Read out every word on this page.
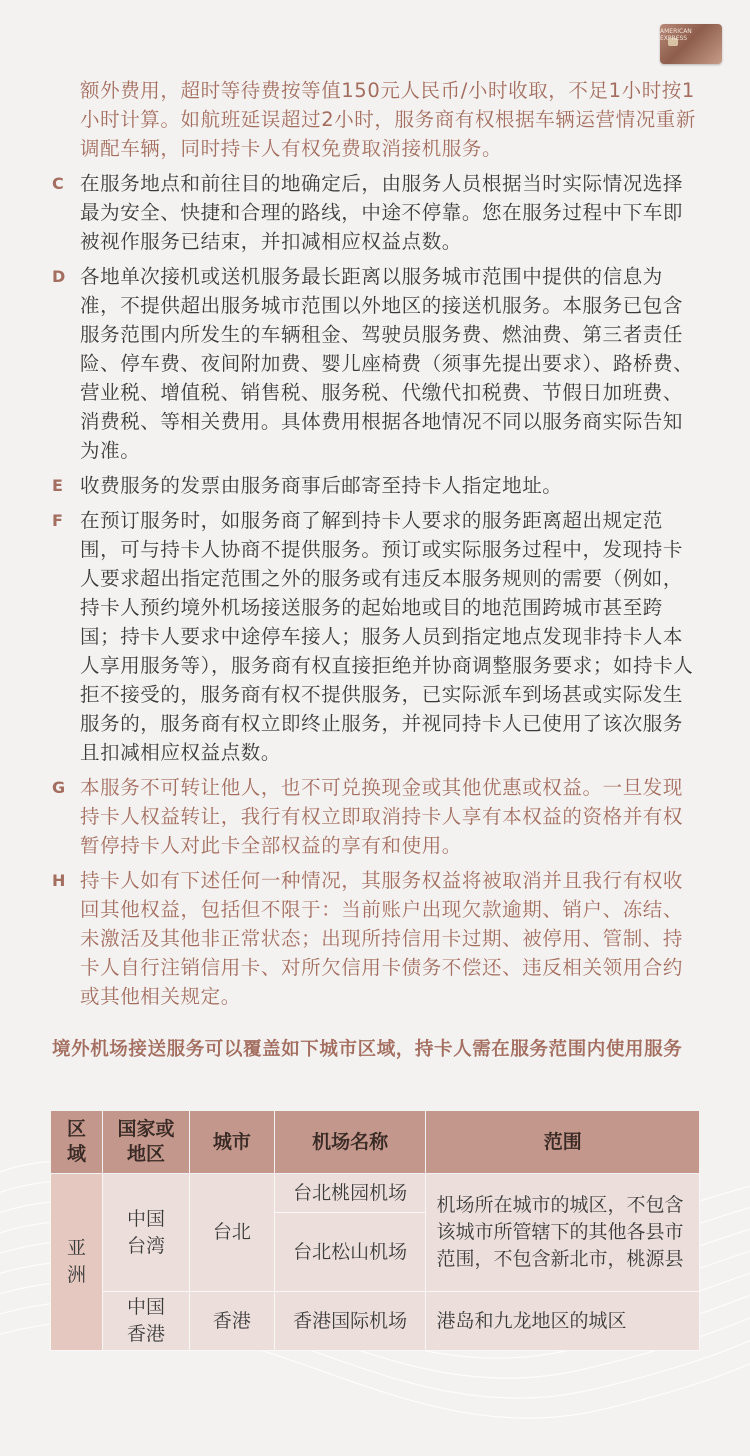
AMERICAN EXPRESS
额外费用，超时等待费按等值150元人民币/小时收取，不足1小时按1小时计算。如航班延误超过2小时，服务商有权根据车辆运营情况重新调配车辆，同时持卡人有权免费取消接机服务。
C 在服务地点和前往目的地确定后，由服务人员根据当时实际情况选择最为安全、快捷和合理的路线，中途不停靠。您在服务过程中下车即被视作服务已结束，并扣减相应权益点数。
D 各地单次接机或送机服务最长距离以服务城市范围中提供的信息为准，不提供超出服务城市范围以外地区的接送机服务。本服务已包含服务范围内所发生的车辆租金、驾驶员服务费、燃油费、第三者责任险、停车费、夜间附加费、婴儿座椅费（须事先提出要求）、路桥费、营业税、增值税、销售税、服务税、代缴代扣税费、节假日加班费、消费税、等相关费用。具体费用根据各地情况不同以服务商实际告知为准。
E 收费服务的发票由服务商事后邮寄至持卡人指定地址。
F 在预订服务时，如服务商了解到持卡人要求的服务距离超出规定范围，可与持卡人协商不提供服务。预订或实际服务过程中，发现持卡人要求超出指定范围之外的服务或有违反本服务规则的需要（例如，持卡人预约境外机场接送服务的起始地或目的地范围跨城市甚至跨国；持卡人要求中途停车接人；服务人员到指定地点发现非持卡人本人享用服务等），服务商有权直接拒绝并协商调整服务要求；如持卡人拒不接受的，服务商有权不提供服务，已实际派车到场甚或实际发生服务的，服务商有权立即终止服务，并视同持卡人已使用了该次服务且扣减相应权益点数。
G 本服务不可转让他人，也不可兑换现金或其他优惠或权益。一旦发现持卡人权益转让，我行有权立即取消持卡人享有本权益的资格并有权暂停持卡人对此卡全部权益的享有和使用。
H 持卡人如有下述任何一种情况，其服务权益将被取消并且我行有权收回其他权益，包括但不限于：当前账户出现欠款逾期、销户、冻结、未激活及其他非正常状态；出现所持信用卡过期、被停用、管制、持卡人自行注销信用卡、对所欠信用卡债务不偿还、违反相关领用合约或其他相关规定。
境外机场接送服务可以覆盖如下城市区域，持卡人需在服务范围内使用服务
区域	国家或地区	城市	机场名称	范围
亚洲	中国台湾	台北	台北桃园机场	机场所在城市的城区，不包含该城市所管辖下的其他各县市范围，不包含新北市，桃源县
			台北松山机场	
	中国香港	香港	香港国际机场	港岛和九龙地区的城区
